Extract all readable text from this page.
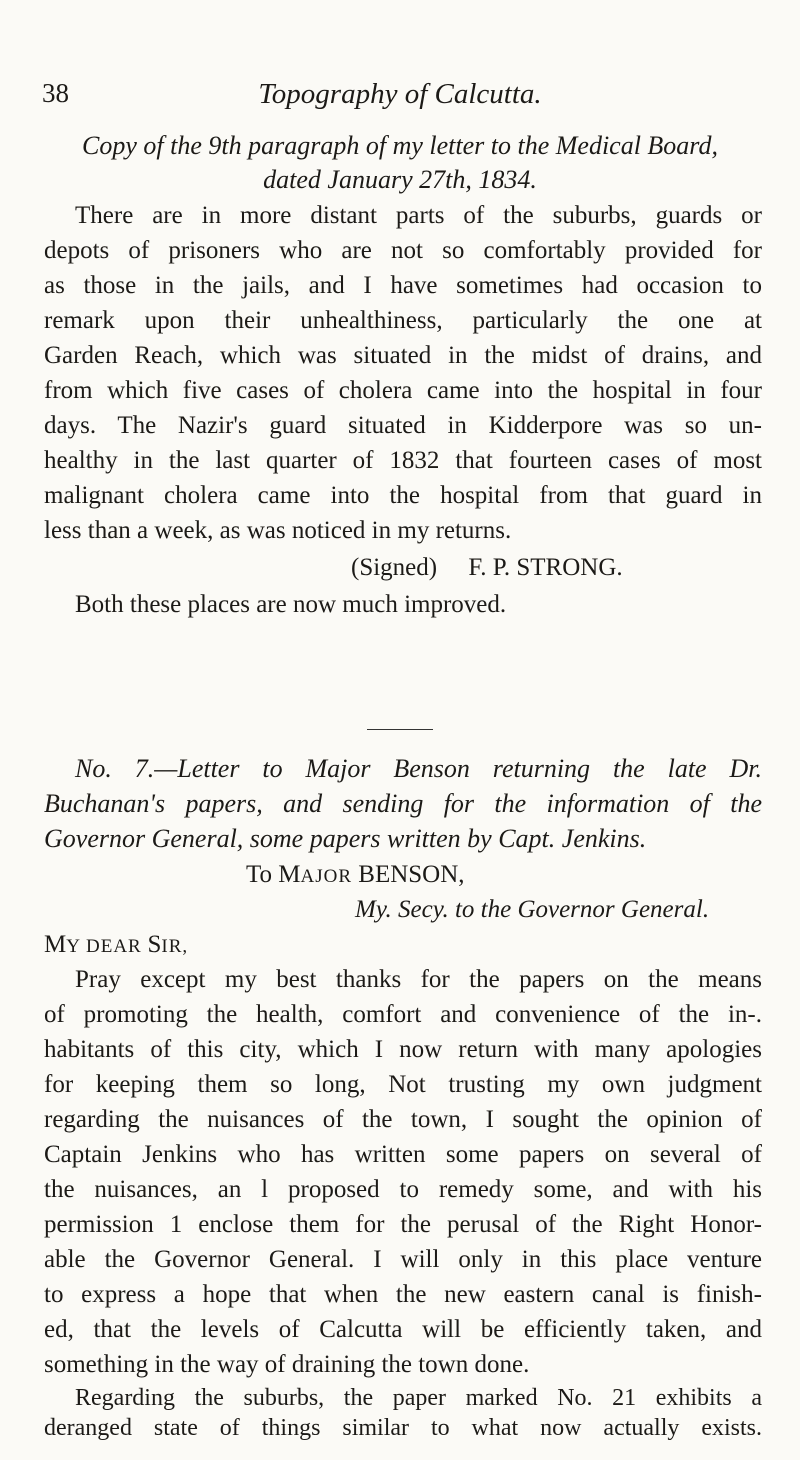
38	Topography of Calcutta.
Copy of the 9th paragraph of my letter to the Medical Board,
dated January 27th, 1834.
There are in more distant parts of the suburbs, guards or
depots of prisoners who are not so comfortably provided for
as those in the jails, and I have sometimes had occasion to
remark upon their unhealthiness, particularly the one at
Garden Reach, which was situated in the midst of drains, and
from which five cases of cholera came into the hospital in four
days. The Nazir's guard situated in Kidderpore was so un-
healthy in the last quarter of 1832 that fourteen cases of most
malignant cholera came into the hospital from that guard in
less than a week, as was noticed in my returns.
(Signed)     F. P. STRONG.
Both these places are now much improved.
No. 7.—Letter to Major Benson returning the late Dr.
Buchanan's papers, and sending for the information of the
Governor General, some papers written by Capt. Jenkins.
To MAJOR BENSON,
My. Secy. to the Governor General.
MY DEAR SIR,
Pray except my best thanks for the papers on the means
of promoting the health, comfort and convenience of the in-.
habitants of this city, which I now return with many apologies
for keeping them so long, Not trusting my own judgment
regarding the nuisances of the town, I sought the opinion of
Captain Jenkins who has written some papers on several of
the nuisances, an l proposed to remedy some, and with his
permission 1 enclose them for the perusal of the Right Honor-
able the Governor General. I will only in this place venture
to express a hope that when the new eastern canal is finish-
ed, that the levels of Calcutta will be efficiently taken, and
something in the way of draining the town done.
Regarding the suburbs, the paper marked No. 21 exhibits a
deranged state of things similar to what now actually exists.
